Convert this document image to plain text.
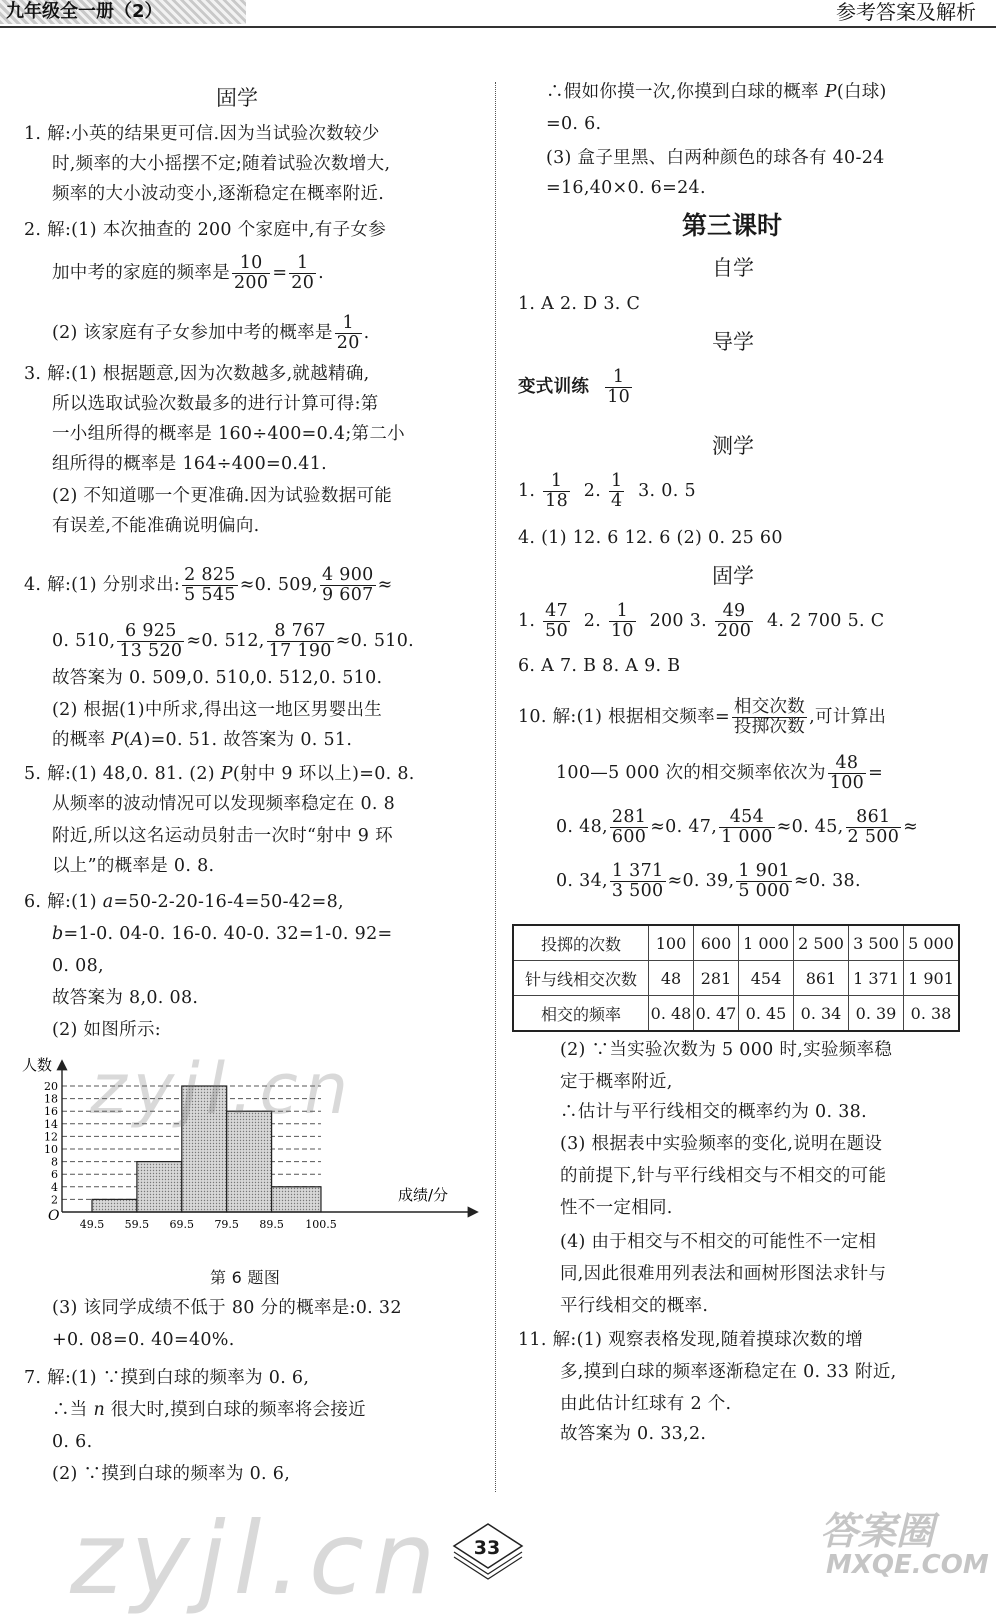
九年级全一册（2）	参考答案及解析
固学
1. 解:小英的结果更可信.因为当试验次数较少
时,频率的大小摇摆不定;随着试验次数增大,
频率的大小波动变小,逐渐稳定在概率附近.
2. 解:(1) 本次抽查的 200 个家庭中,有子女参
加中考的家庭的频率是 $\frac{10}{200} = \frac{1}{20}$ .
(2) 该家庭有子女参加中考的概率是 $\frac{1}{20}$ .
3. 解:(1) 根据题意,因为次数越多,就越精确,
所以选取试验次数最多的进行计算可得:第
一小组所得的概率是 160÷400=0.4;第二小
组所得的概率是 164÷400=0.41.
(2) 不知道哪一个更准确.因为试验数据可能
有误差,不能准确说明偏向.
4. 解:(1) 分别求出: $\frac{2 825}{5 545} \approx 0$. 509, $\frac{4 900}{9 607}$ ≈
0. 510, $\frac{6 925}{13 520} \approx 0$. 512, $\frac{8 767}{17 190} \approx 0$. 510.
故答案为 0. 509,0. 510,0. 512,0. 510.
(2) 根据(1)中所求,得出这一地区男婴出生
的概率 P(A)=0. 51. 故答案为 0. 51.
5. 解:(1) 48,0. 81. (2) P(射中 9 环以上)=0. 8.
从频率的波动情况可以发现频率稳定在 0. 8
附近,所以这名运动员射击一次时“射中 9 环
以上”的概率是 0. 8.
6. 解:(1) a=50-2-20-16-4=50-42=8,
b=1-0. 04-0. 16-0. 40-0. 32=1-0. 92=
0. 08,
故答案为 8,0. 08.
(2) 如图所示:
2
4
6
8
10
12
14
16
18
20
49.5 59.5 69.5 79.5 89.5 100.5
O
人数
成绩/分
第 6 题图
(3) 该同学成绩不低于 80 分的概率是:0. 32
+0. 08=0. 40=40%.
7. 解:(1) ∵摸到白球的频率为 0. 6,
∴当 n 很大时,摸到白球的频率将会接近
0. 6.
(2) ∵摸到白球的频率为 0. 6,
∴假如你摸一次,你摸到白球的概率 P(白球)
=0. 6.
(3) 盒子里黑、白两种颜色的球各有 40-24
=16,40×0. 6=24.
第三课时
自学
1. A 2. D 3. C
导学
变式训练 $\frac{1}{10}$
测学
1. $\frac{1}{18} 2$. $\frac{1}{4} 3$. 0. 5
4. (1) 12. 6 12. 6 (2) 0. 25 60
固学
1. $\frac{47}{50} 2$. $\frac{1}{10} 200$ 3. $\frac{49}{200} 4$. 2 700 5. C
6. A 7. B 8. A 9. B
10. 解:(1) 根据相交频率= $\frac{\text{相交次数}}{\text{投掷次数}}$ ,可计算出
100—5 000 次的相交频率依次为 $\frac{48}{100}$ =
0. 48, $\frac{281}{600} \approx 0$. 47, $\frac{454}{1 000} \approx 0$. 45, $\frac{861}{2 500}$ ≈
0. 34, $\frac{1 371}{3 500} \approx 0$. 39, $\frac{1 901}{5 000} \approx 0$. 38.
投掷的次数	100	600	1 000	2 500	3 500	5 000
针与线相交次数	48	281	454	861	1 371	1 901
相交的频率	0. 48	0. 47	0. 45	0. 34	0. 39	0. 38
(2) ∵当实验次数为 5 000 时,实验频率稳
定于概率附近,
∴估计与平行线相交的概率约为 0. 38.
(3) 根据表中实验频率的变化,说明在题设
的前提下,针与平行线相交与不相交的可能
性不一定相同.
(4) 由于相交与不相交的可能性不一定相
同,因此很难用列表法和画树形图法求针与
平行线相交的概率.
11. 解:(1) 观察表格发现,随着摸球次数的增
多,摸到白球的频率逐渐稳定在 0. 33 附近,
由此估计红球有 2 个.
故答案为 0. 33,2.
33
zyjl.cn
zyjl.cn	答案圈
MXQE.COM
